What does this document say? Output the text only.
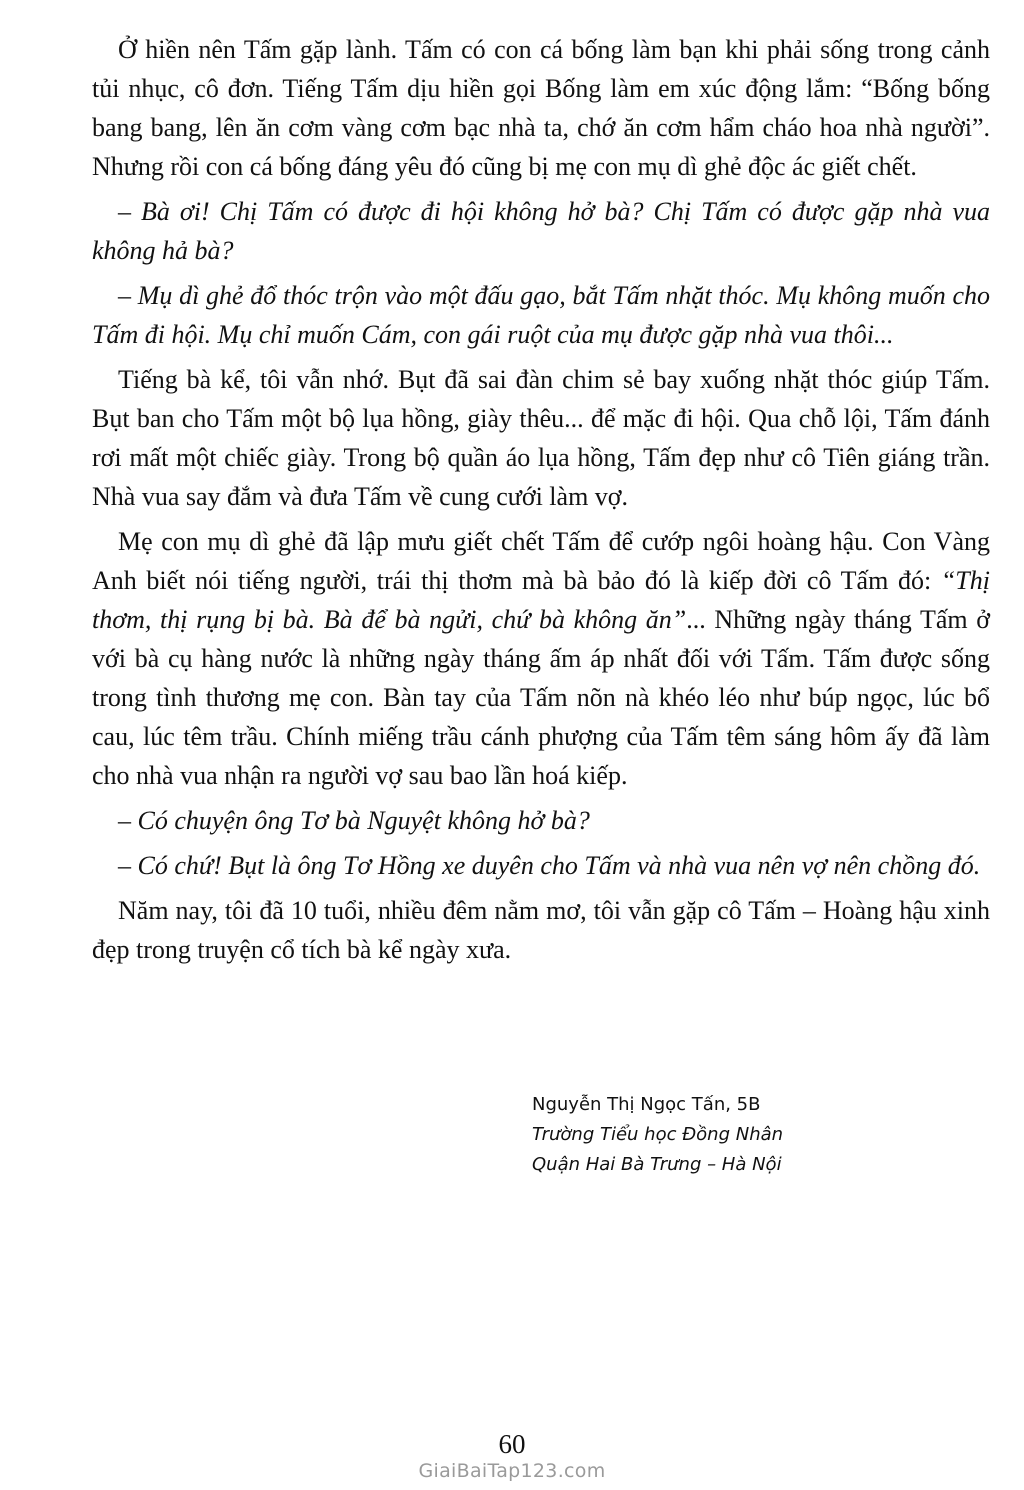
Ở hiền nên Tấm gặp lành. Tấm có con cá bống làm bạn khi phải sống trong cảnh tủi nhục, cô đơn. Tiếng Tấm dịu hiền gọi Bống làm em xúc động lắm: “Bống bống bang bang, lên ăn cơm vàng cơm bạc nhà ta, chớ ăn cơm hẩm cháo hoa nhà người”. Nhưng rồi con cá bống đáng yêu đó cũng bị mẹ con mụ dì ghẻ độc ác giết chết.

– Bà ơi! Chị Tấm có được đi hội không hở bà? Chị Tấm có được gặp nhà vua không hả bà?

– Mụ dì ghẻ đổ thóc trộn vào một đấu gạo, bắt Tấm nhặt thóc. Mụ không muốn cho Tấm đi hội. Mụ chỉ muốn Cám, con gái ruột của mụ được gặp nhà vua thôi...

Tiếng bà kể, tôi vẫn nhớ. Bụt đã sai đàn chim sẻ bay xuống nhặt thóc giúp Tấm. Bụt ban cho Tấm một bộ lụa hồng, giày thêu... để mặc đi hội. Qua chỗ lội, Tấm đánh rơi mất một chiếc giày. Trong bộ quần áo lụa hồng, Tấm đẹp như cô Tiên giáng trần. Nhà vua say đắm và đưa Tấm về cung cưới làm vợ.

Mẹ con mụ dì ghẻ đã lập mưu giết chết Tấm để cướp ngôi hoàng hậu. Con Vàng Anh biết nói tiếng người, trái thị thơm mà bà bảo đó là kiếp đời cô Tấm đó: “Thị thơm, thị rụng bị bà. Bà để bà ngửi, chứ bà không ăn”... Những ngày tháng Tấm ở với bà cụ hàng nước là những ngày tháng ấm áp nhất đối với Tấm. Tấm được sống trong tình thương mẹ con. Bàn tay của Tấm nõn nà khéo léo như búp ngọc, lúc bổ cau, lúc têm trầu. Chính miếng trầu cánh phượng của Tấm têm sáng hôm ấy đã làm cho nhà vua nhận ra người vợ sau bao lần hoá kiếp.

– Có chuyện ông Tơ bà Nguyệt không hở bà?

– Có chứ! Bụt là ông Tơ Hồng xe duyên cho Tấm và nhà vua nên vợ nên chồng đó.

Năm nay, tôi đã 10 tuổi, nhiều đêm nằm mơ, tôi vẫn gặp cô Tấm – Hoàng hậu xinh đẹp trong truyện cổ tích bà kể ngày xưa.

Nguyễn Thị Ngọc Tấn, 5B
Trường Tiểu học Đồng Nhân
Quận Hai Bà Trưng – Hà Nội
60
GiaiBaiTap123.com
